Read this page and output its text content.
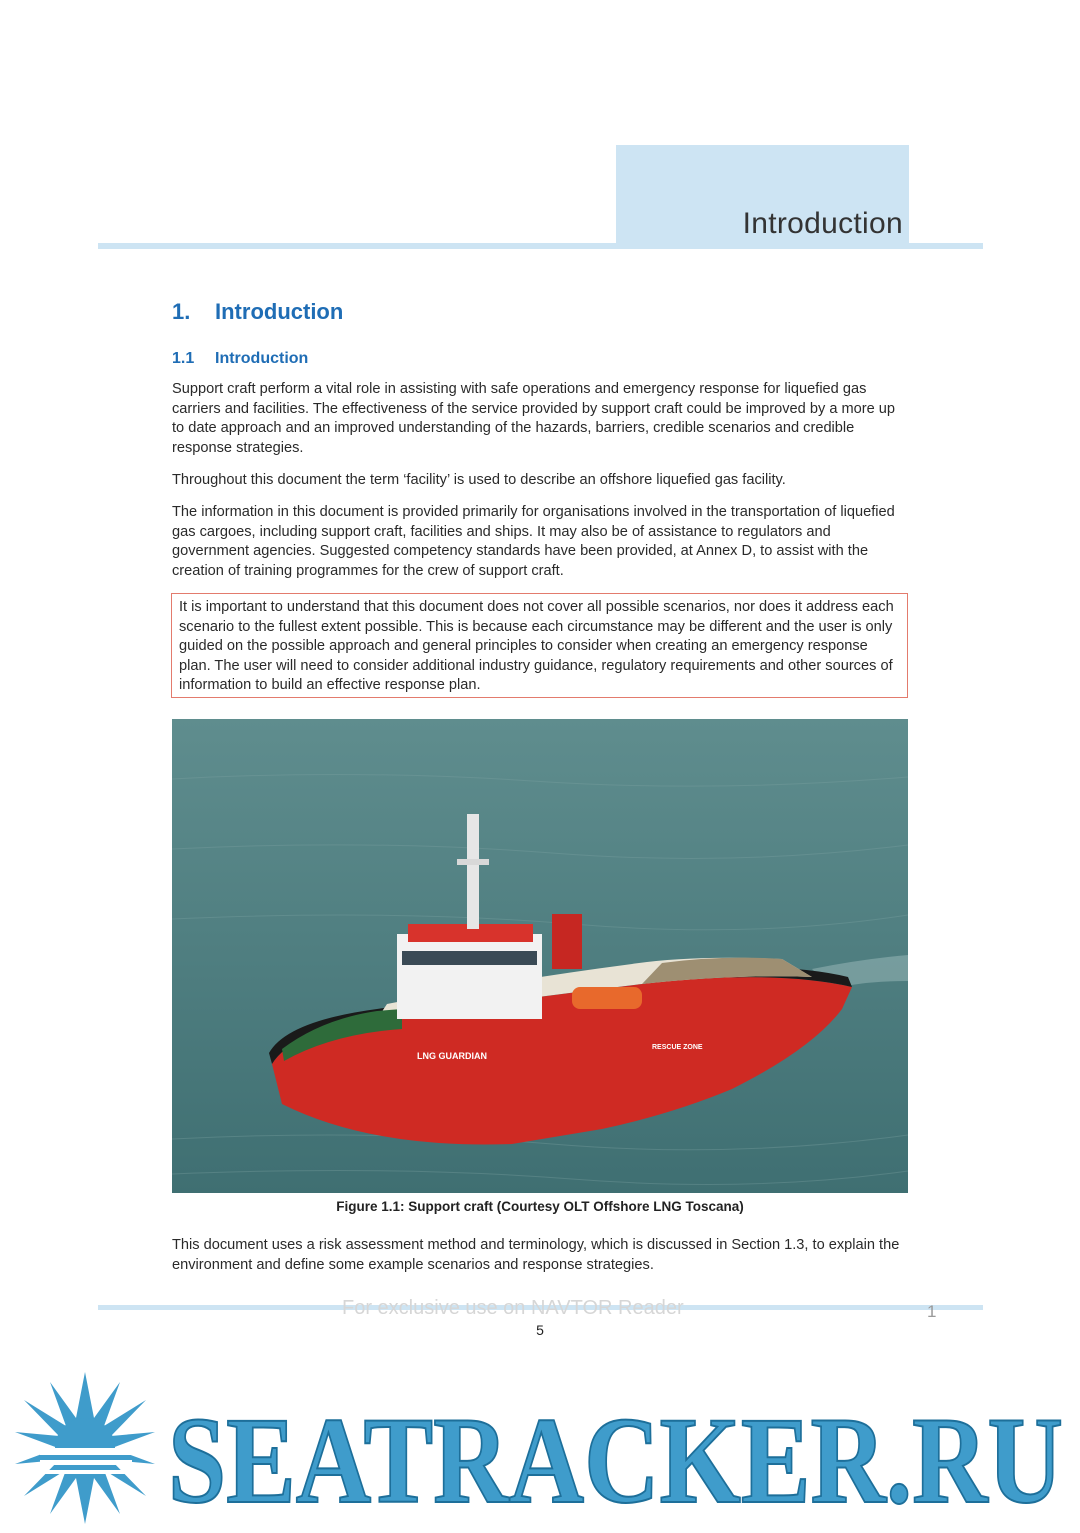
Introduction
1. Introduction
1.1 Introduction

Support craft perform a vital role in assisting with safe operations and emergency response for liquefied gas carriers and facilities. The effectiveness of the service provided by support craft could be improved by a more up to date approach and an improved understanding of the hazards, barriers, credible scenarios and credible response strategies.

Throughout this document the term ‘facility’ is used to describe an offshore liquefied gas facility.

The information in this document is provided primarily for organisations involved in the transportation of liquefied gas cargoes, including support craft, facilities and ships. It may also be of assistance to regulators and government agencies. Suggested competency standards have been provided, at Annex D, to assist with the creation of training programmes for the crew of support craft.

It is important to understand that this document does not cover all possible scenarios, nor does it address each scenario to the fullest extent possible. This is because each circumstance may be different and the user is only guided on the possible approach and general principles to consider when creating an emergency response plan. The user will need to consider additional industry guidance, regulatory requirements and other sources of information to build an effective response plan.
LNG GUARDIAN
RESCUE ZONE

Figure 1.1: Support craft (Courtesy OLT Offshore LNG Toscana)

This document uses a risk assessment method and terminology, which is discussed in Section 1.3, to explain the environment and define some example scenarios and response strategies.

For exclusive use on NAVTOR Reader	1
5
SEATRACKER.RU
